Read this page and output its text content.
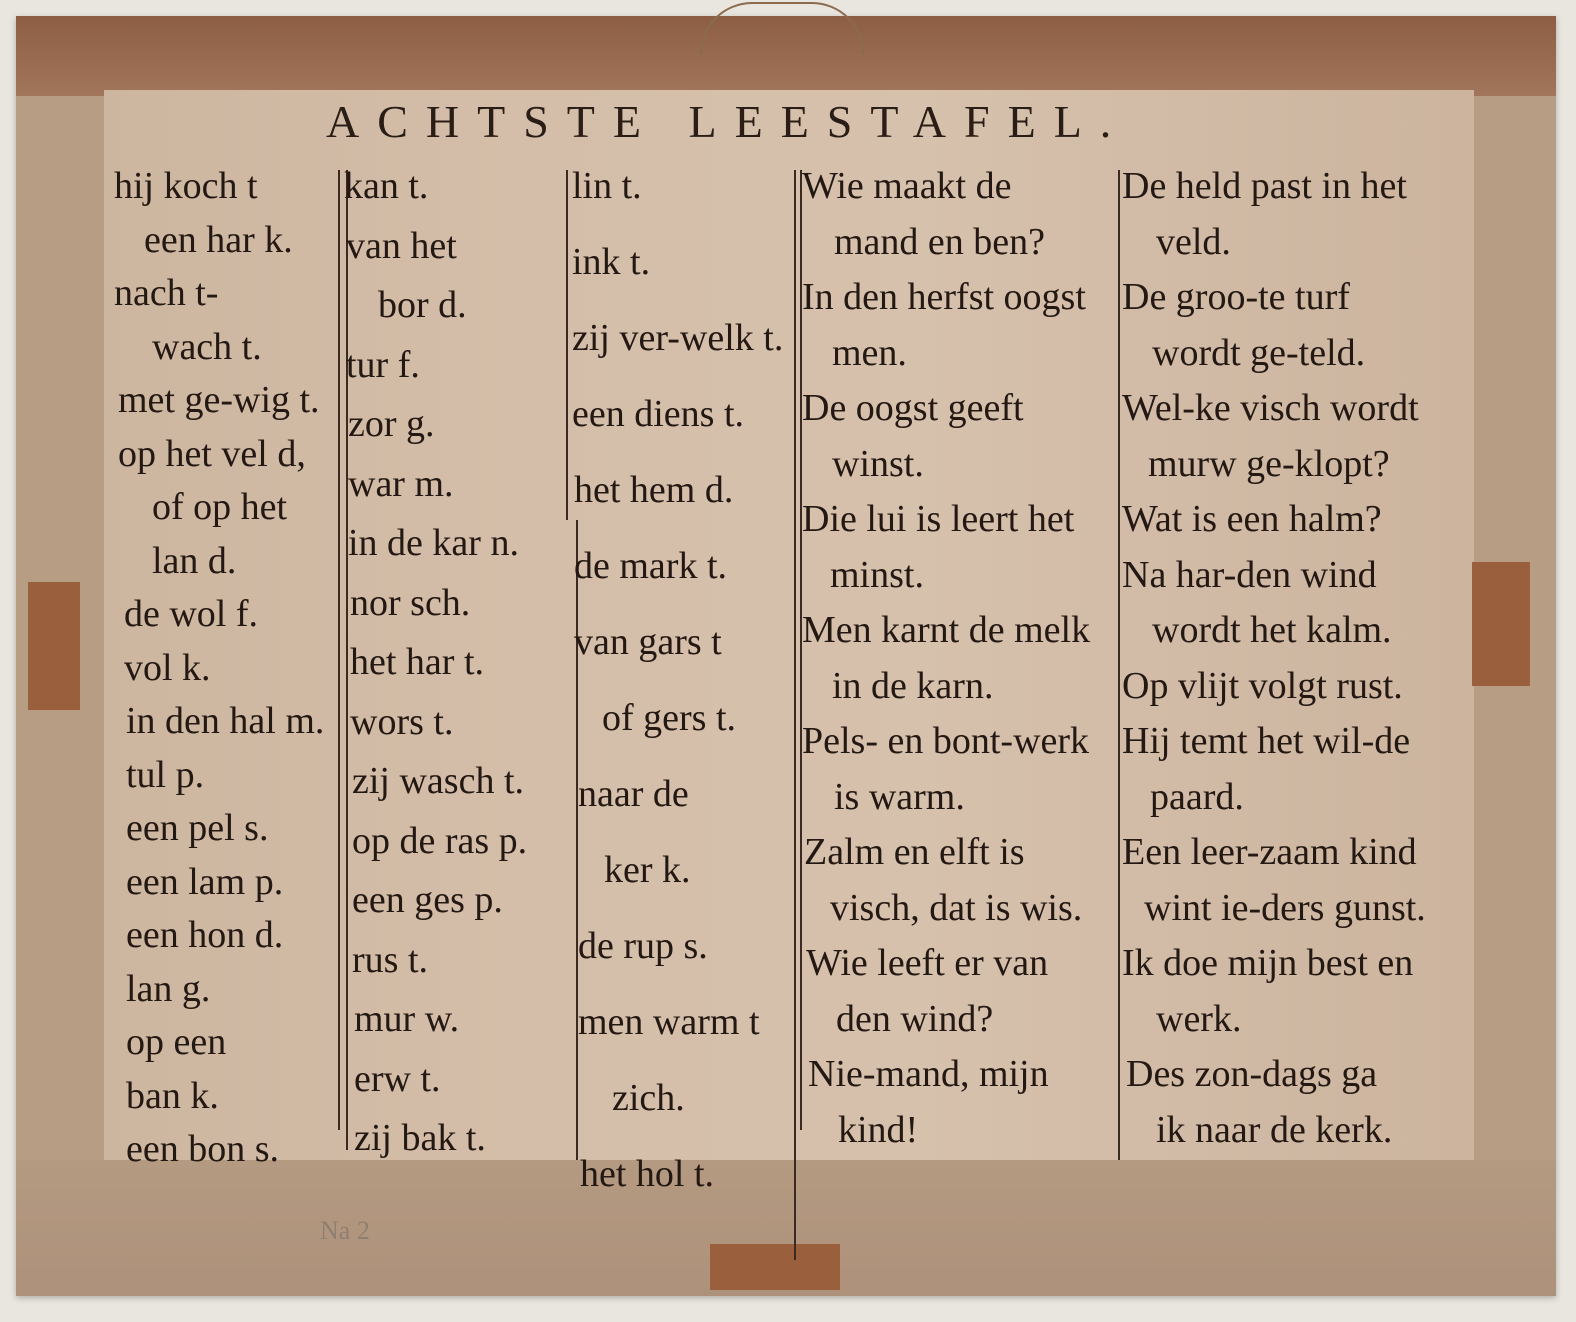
ACHTSTE LEESTAFEL.
hij koch t
een har k.
nach t-
wach t.
met ge-wig t.
op het vel d,
of op het
lan d.
de wol f.
vol k.
in den hal m.
tul p.
een pel s.
een lam p.
een hon d.
lan g.
op een
ban k.
een bon s.
kan t.
van het
bor d.
tur f.
zor g.
war m.
in de kar n.
nor sch.
het har t.
wors t.
zij wasch t.
op de ras p.
een ges p.
rus t.
mur w.
erw t.
zij bak t.
lin t.
ink t.
zij ver-welk t.
een diens t.
het hem d.
de mark t.
van gars t
of gers t.
naar de
ker k.
de rup s.
men warm t
zich.
het hol t.
Wie maakt de
mand en ben?
In den herfst oogst
men.
De oogst geeft
winst.
Die lui is leert het
minst.
Men karnt de melk
in de karn.
Pels- en bont-werk
is warm.
Zalm en elft is
visch, dat is wis.
Wie leeft er van
den wind?
Nie-mand, mijn
kind!
De held past in het
veld.
De groo-te turf
wordt ge-teld.
Wel-ke visch wordt
murw ge-klopt?
Wat is een halm?
Na har-den wind
wordt het kalm.
Op vlijt volgt rust.
Hij temt het wil-de
paard.
Een leer-zaam kind
wint ie-ders gunst.
Ik doe mijn best en
werk.
Des zon-dags ga
ik naar de kerk.
Na 2
